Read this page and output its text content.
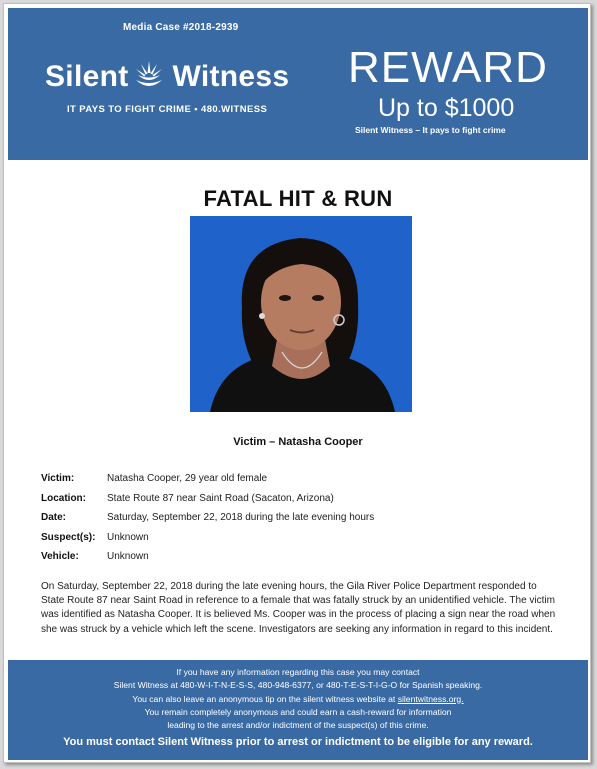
Media Case #2018-2939
Silent Witness
IT PAYS TO FIGHT CRIME • 480.WITNESS
REWARD
Up to $1000
Silent Witness – It pays to fight crime
FATAL HIT & RUN
Victim – Natasha Cooper
Victim:	Natasha Cooper, 29 year old female
Location:	State Route 87 near Saint Road (Sacaton, Arizona)
Date:	Saturday, September 22, 2018 during the late evening hours
Suspect(s):	Unknown
Vehicle:	Unknown

On Saturday, September 22, 2018 during the late evening hours, the Gila River Police Department responded to State Route 87 near Saint Road in reference to a female that was fatally struck by an unidentified vehicle. The victim was identified as Natasha Cooper. It is believed Ms. Cooper was in the process of placing a sign near the road when she was struck by a vehicle which left the scene. Investigators are seeking any information in regard to this incident.

If you have any information regarding this case you may contact
Silent Witness at 480-W-I-T-N-E-S-S, 480-948-6377, or 480-T-E-S-T-I-G-O for Spanish speaking.
You can also leave an anonymous tip on the silent witness website at silentwitness.org.
You remain completely anonymous and could earn a cash-reward for information
leading to the arrest and/or indictment of the suspect(s) of this crime.
You must contact Silent Witness prior to arrest or indictment to be eligible for any reward.
